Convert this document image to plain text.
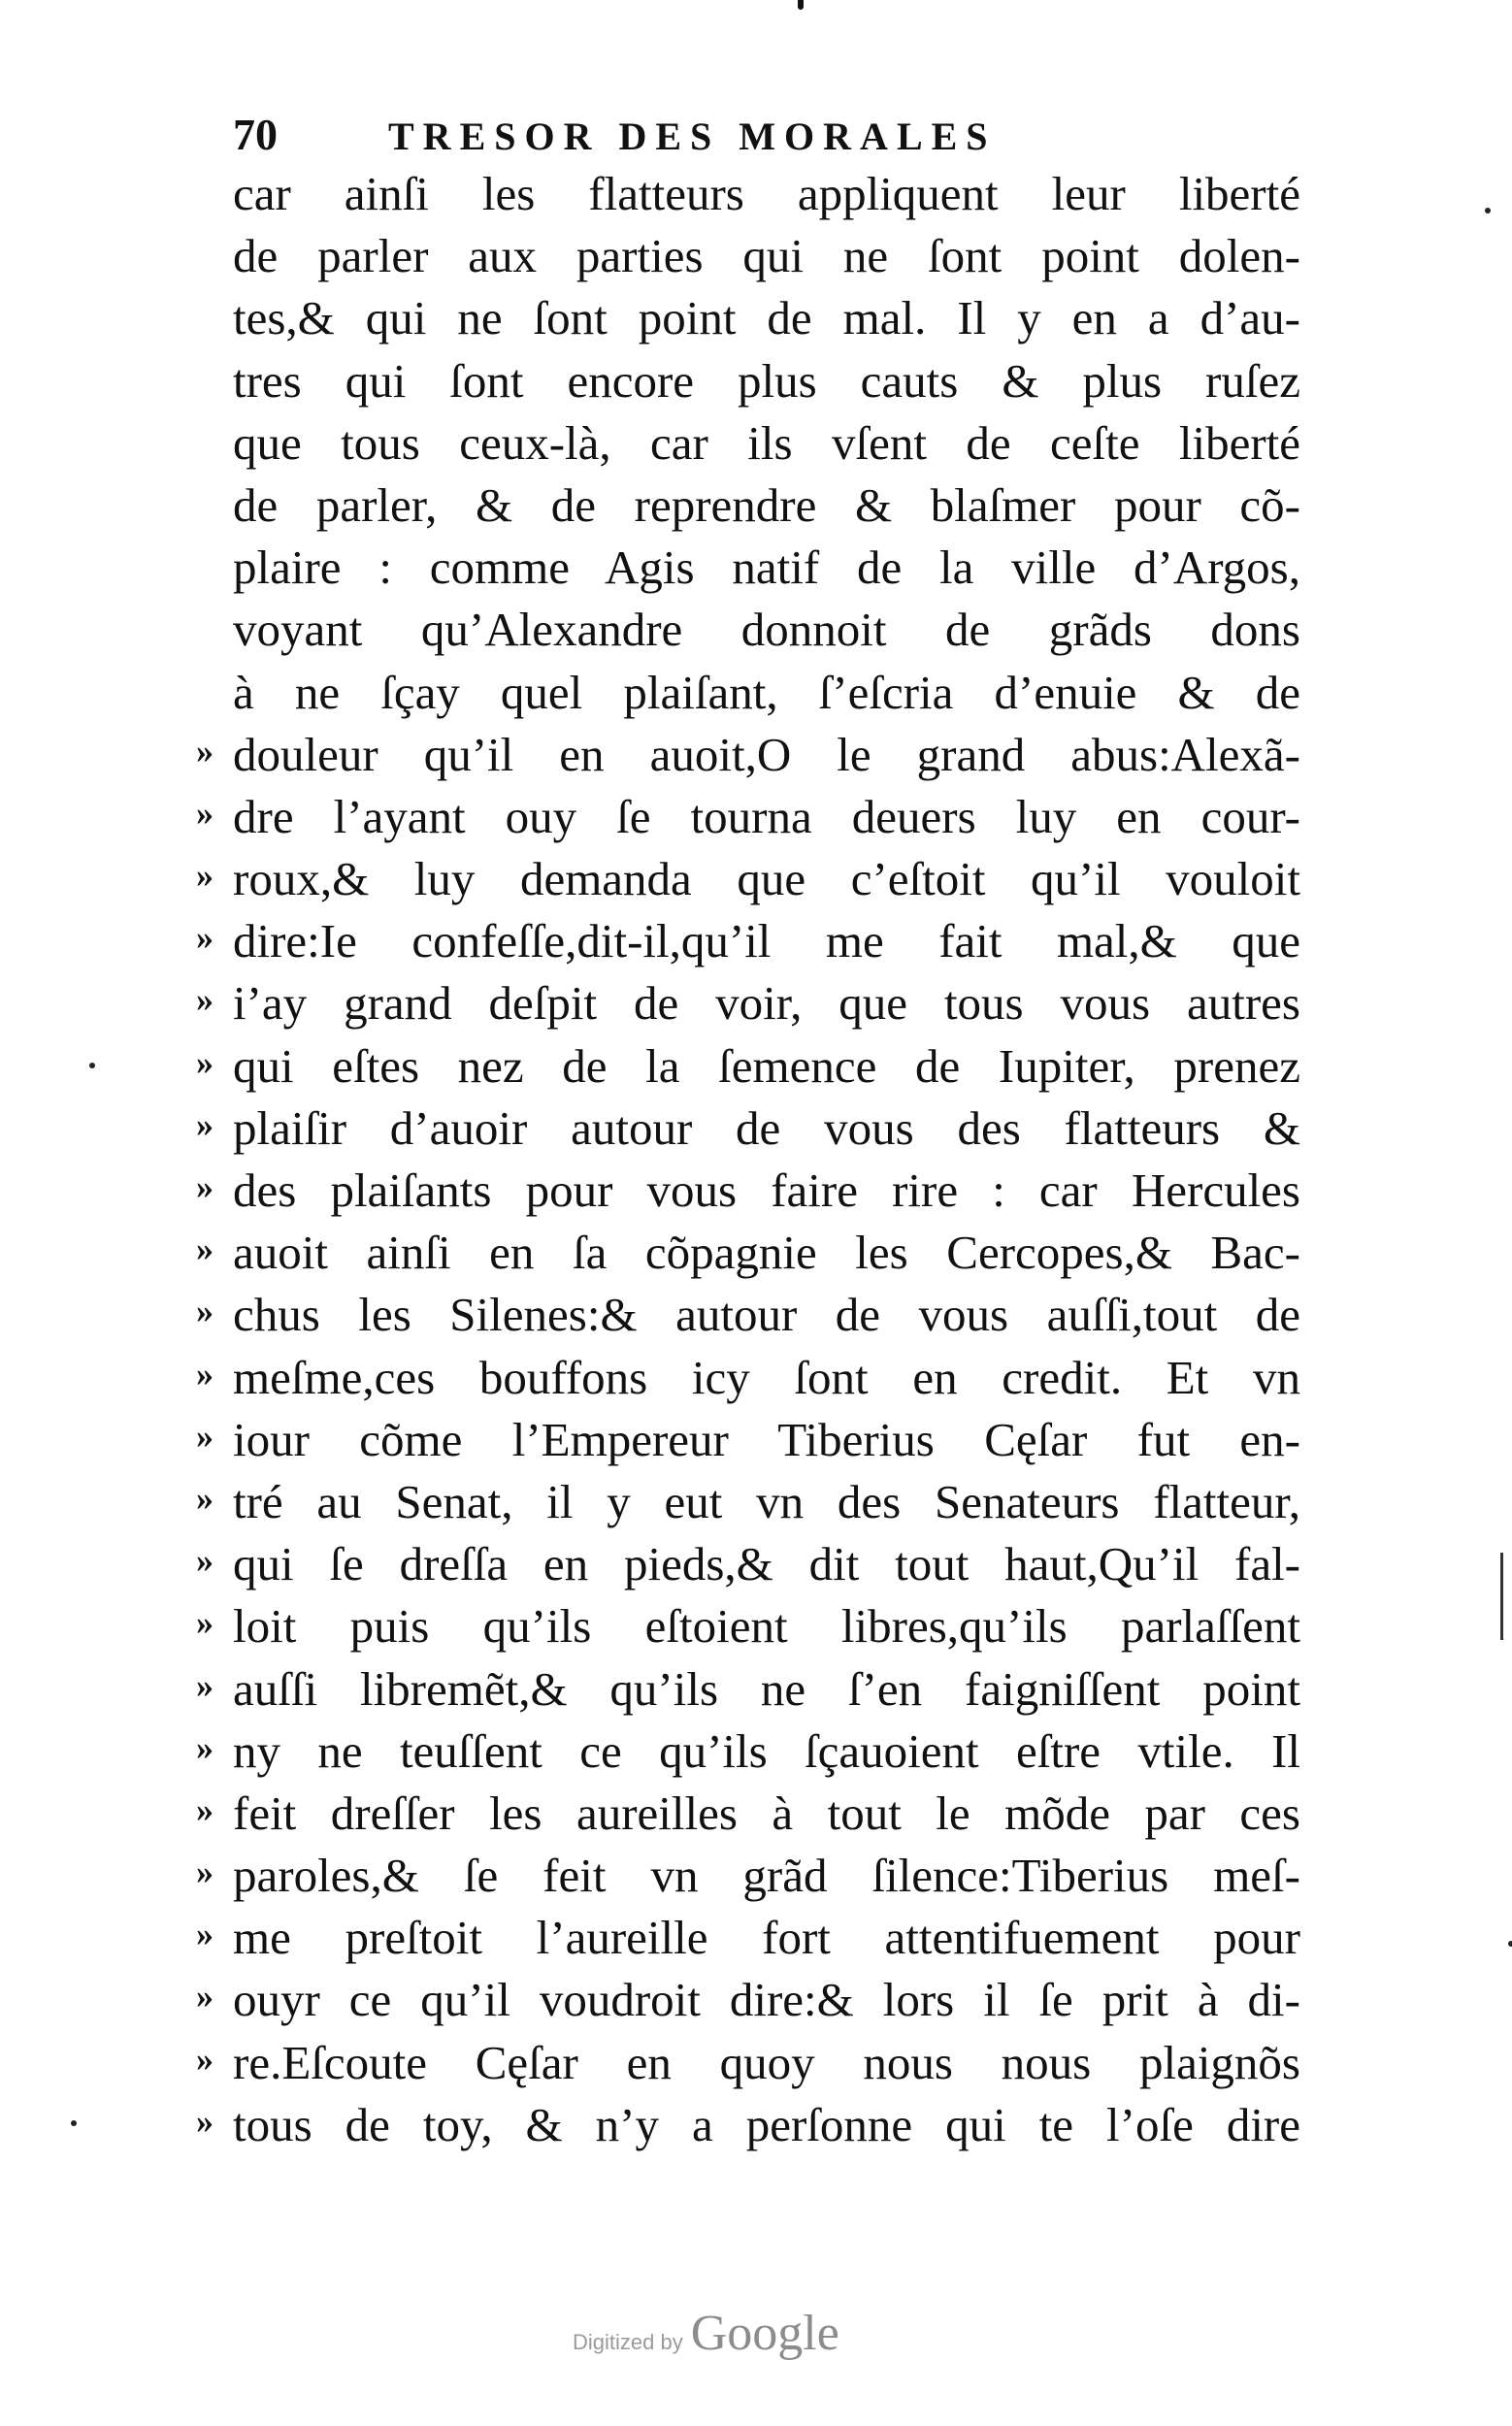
70	TRESOR DES MORALES
car ainſi les flatteurs appliquent leur liberté
de parler aux parties qui ne ſont point dolen-
tes,& qui ne ſont point de mal. Il y en a d’au-
tres qui ſont encore plus cauts & plus ruſez
que tous ceux-là, car ils vſent de ceſte liberté
de parler, & de reprendre & blaſmer pour cõ-
plaire : comme Agis natif de la ville d’Argos,
voyant qu’Alexandre donnoit de grãds dons
à ne ſçay quel plaiſant, ſ’eſcria d’enuie & de
» douleur qu’il en auoit,O le grand abus:Alexã-
» dre l’ayant ouy ſe tourna deuers luy en cour-
» roux,& luy demanda que c’eſtoit qu’il vouloit
» dire:Ie confeſſe,dit-il,qu’il me fait mal,& que
» i’ay grand deſpit de voir, que tous vous autres
» qui eſtes nez de la ſemence de Iupiter, prenez
» plaiſir d’auoir autour de vous des flatteurs &
» des plaiſants pour vous faire rire : car Hercules
» auoit ainſi en ſa cõpagnie les Cercopes,& Bac-
» chus les Silenes:& autour de vous auſſi,tout de
» meſme,ces bouffons icy ſont en credit. Et vn
» iour cõme l’Empereur Tiberius Cęſar fut en-
» tré au Senat, il y eut vn des Senateurs flatteur,
» qui ſe dreſſa en pieds,& dit tout haut,Qu’il fal-
» loit puis qu’ils eſtoient libres,qu’ils parlaſſent
» auſſi libremẽt,& qu’ils ne ſ’en faigniſſent point
» ny ne teuſſent ce qu’ils ſçauoient eſtre vtile. Il
» feit dreſſer les aureilles à tout le mõde par ces
» paroles,& ſe feit vn grãd ſilence:Tiberius meſ-
» me preſtoit l’aureille fort attentifuement pour
» ouyr ce qu’il voudroit dire:& lors il ſe prit à di-
» re.Eſcoute Cęſar en quoy nous nous plaignõs
» tous de toy, & n’y a perſonne qui te l’oſe dire
Digitized by Google
